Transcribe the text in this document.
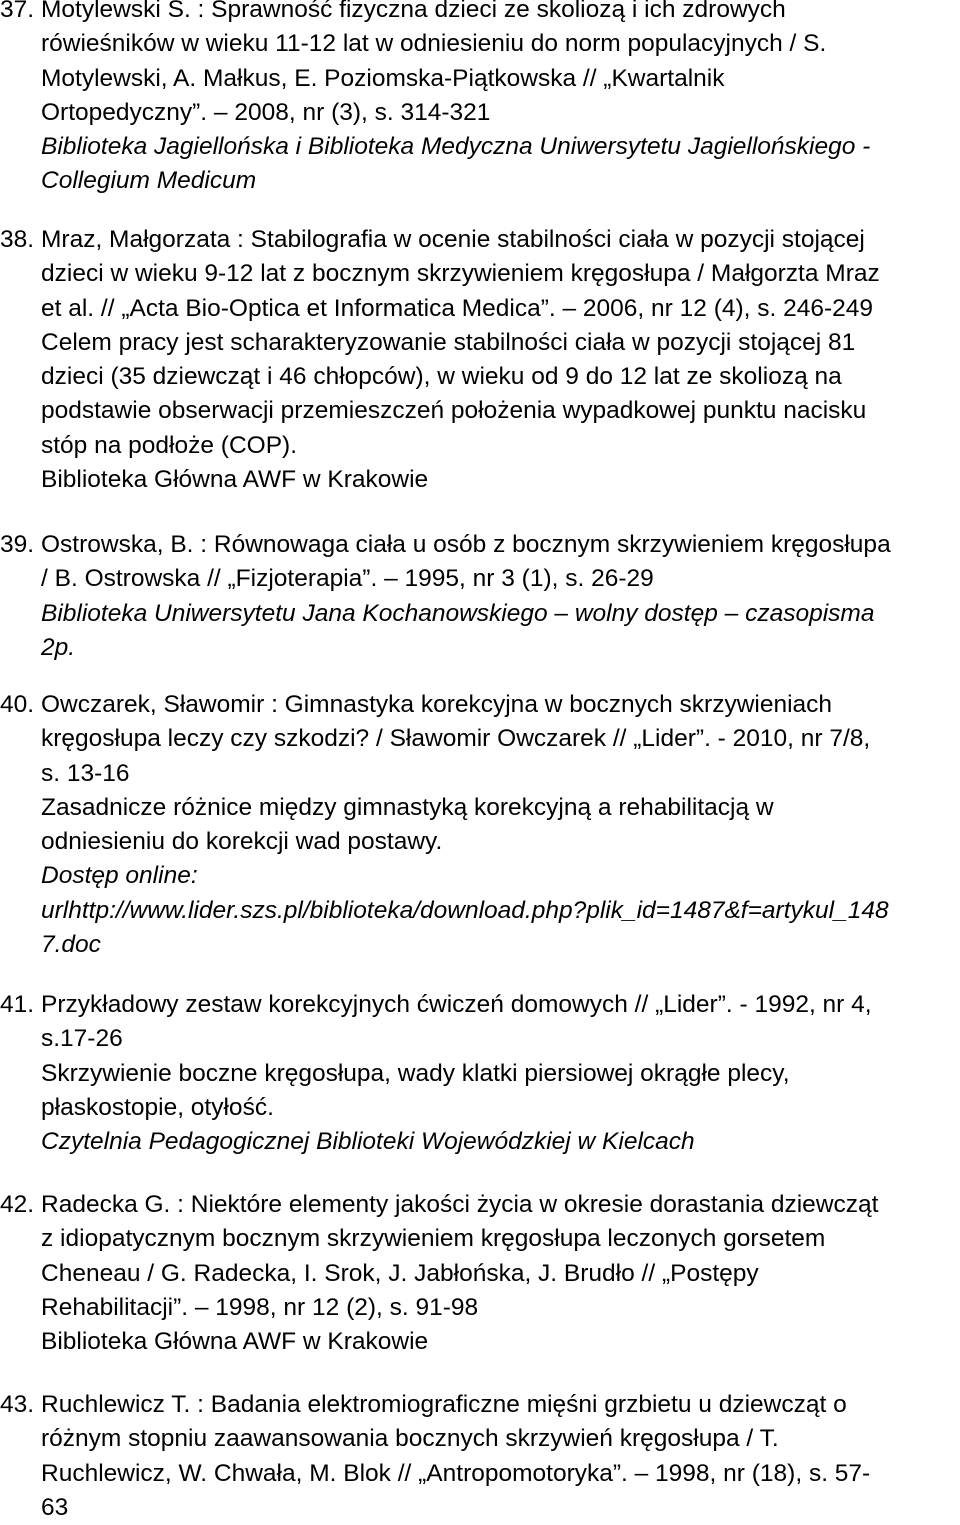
37. Motylewski S. : Sprawność fizyczna dzieci ze skoliozą i ich zdrowych
rówieśników w wieku 11-12 lat w odniesieniu do norm populacyjnych / S.
Motylewski, A. Małkus, E. Poziomska-Piątkowska // „Kwartalnik
Ortopedyczny”. – 2008, nr (3), s. 314-321
Biblioteka Jagiellońska i Biblioteka Medyczna Uniwersytetu Jagiellońskiego -
Collegium Medicum
38. Mraz, Małgorzata : Stabilografia w ocenie stabilności ciała w pozycji stojącej
dzieci w wieku 9-12 lat z bocznym skrzywieniem kręgosłupa / Małgorzta Mraz
et al. // „Acta Bio-Optica et Informatica Medica”. – 2006, nr 12 (4), s. 246-249
Celem pracy jest scharakteryzowanie stabilności ciała w pozycji stojącej 81
dzieci (35 dziewcząt i 46 chłopców), w wieku od 9 do 12 lat ze skoliozą na
podstawie obserwacji przemieszczeń położenia wypadkowej punktu nacisku
stóp na podłoże (COP).
Biblioteka Główna AWF w Krakowie
39. Ostrowska, B. : Równowaga ciała u osób z bocznym skrzywieniem kręgosłupa
/ B. Ostrowska // „Fizjoterapia”. – 1995, nr 3 (1), s. 26-29
Biblioteka Uniwersytetu Jana Kochanowskiego – wolny dostęp – czasopisma
2p.
40. Owczarek, Sławomir : Gimnastyka korekcyjna w bocznych skrzywieniach
kręgosłupa leczy czy szkodzi? / Sławomir Owczarek // „Lider”. - 2010, nr 7/8,
s. 13-16
Zasadnicze różnice między gimnastyką korekcyjną a rehabilitacją w
odniesieniu do korekcji wad postawy.
Dostęp online:
urlhttp://www.lider.szs.pl/biblioteka/download.php?plik_id=1487&f=artykul_148
7.doc
41. Przykładowy zestaw korekcyjnych ćwiczeń domowych // „Lider”. - 1992, nr 4,
s.17-26
Skrzywienie boczne kręgosłupa, wady klatki piersiowej okrągłe plecy,
płaskostopie, otyłość.
Czytelnia Pedagogicznej Biblioteki Wojewódzkiej w Kielcach
42. Radecka G. : Niektóre elementy jakości życia w okresie dorastania dziewcząt
z idiopatycznym bocznym skrzywieniem kręgosłupa leczonych gorsetem
Cheneau / G. Radecka, I. Srok, J. Jabłońska, J. Brudło // „Postępy
Rehabilitacji”. – 1998, nr 12 (2), s. 91-98
Biblioteka Główna AWF w Krakowie
43. Ruchlewicz T. : Badania elektromiograficzne mięśni grzbietu u dziewcząt o
różnym stopniu zaawansowania bocznych skrzywień kręgosłupa / T.
Ruchlewicz, W. Chwała, M. Blok // „Antropomotoryka”. – 1998, nr (18), s. 57-
63
